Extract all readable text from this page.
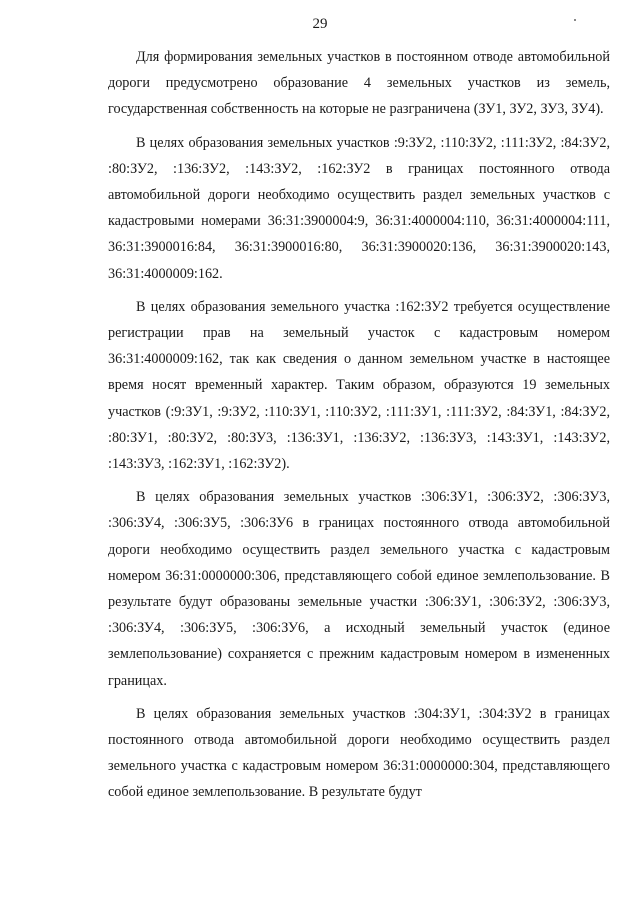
29

Для формирования земельных участков в постоянном отводе автомобильной дороги предусмотрено образование 4 земельных участков из земель, государственная собственность на которые не разграничена (ЗУ1, ЗУ2, ЗУ3, ЗУ4).

В целях образования земельных участков :9:ЗУ2, :110:ЗУ2, :111:ЗУ2, :84:ЗУ2, :80:ЗУ2, :136:ЗУ2, :143:ЗУ2, :162:ЗУ2 в границах постоянного отвода автомобильной дороги необходимо осуществить раздел земельных участков с кадастровыми номерами 36:31:3900004:9, 36:31:4000004:110, 36:31:4000004:111, 36:31:3900016:84, 36:31:3900016:80, 36:31:3900020:136, 36:31:3900020:143, 36:31:4000009:162.

В целях образования земельного участка :162:ЗУ2 требуется осуществление регистрации прав на земельный участок с кадастровым номером 36:31:4000009:162, так как сведения о данном земельном участке в настоящее время носят временный характер. Таким образом, образуются 19 земельных участков (:9:ЗУ1, :9:ЗУ2, :110:ЗУ1, :110:ЗУ2, :111:ЗУ1, :111:ЗУ2, :84:ЗУ1, :84:ЗУ2, :80:ЗУ1, :80:ЗУ2, :80:ЗУ3, :136:ЗУ1, :136:ЗУ2, :136:ЗУ3, :143:ЗУ1, :143:ЗУ2, :143:ЗУ3, :162:ЗУ1, :162:ЗУ2).

В целях образования земельных участков :306:ЗУ1, :306:ЗУ2, :306:ЗУ3, :306:ЗУ4, :306:ЗУ5, :306:ЗУ6 в границах постоянного отвода автомобильной дороги необходимо осуществить раздел земельного участка с кадастровым номером 36:31:0000000:306, представляющего собой единое землепользование. В результате будут образованы земельные участки :306:ЗУ1, :306:ЗУ2, :306:ЗУ3, :306:ЗУ4, :306:ЗУ5, :306:ЗУ6, а исходный земельный участок (единое землепользование) сохраняется с прежним кадастровым номером в измененных границах.

В целях образования земельных участков :304:ЗУ1, :304:ЗУ2 в границах постоянного отвода автомобильной дороги необходимо осуществить раздел земельного участка с кадастровым номером 36:31:0000000:304, представляющего собой единое землепользование. В результате будут
